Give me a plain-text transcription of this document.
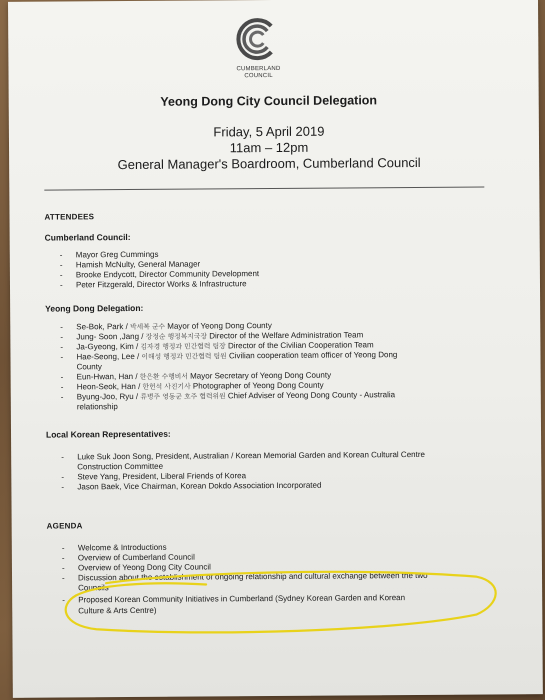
CUMBERLAND
COUNCIL
Yeong Dong City Council Delegation
Friday, 5 April 2019
11am – 12pm
General Manager's Boardroom, Cumberland Council
ATTENDEES
Cumberland Council:
- Mayor Greg Cummings
- Hamish McNulty, General Manager
- Brooke Endycott, Director Community Development
- Peter Fitzgerald, Director Works & Infrastructure
Yeong Dong Delegation:
- Se-Bok, Park / 박세복 군수 Mayor of Yeong Dong County
- Jung- Soon ,Jang / 장정순 행정복지국장 Director of the Welfare Administration Team
- Ja-Gyeong, Kim / 김자경 행정과 민간협력 팀장 Director of the Civilian Cooperation Team
- Hae-Seong, Lee / 이해성 행정과 민간협력 팀원 Civilian cooperation team officer of Yeong Dong
County
- Eun-Hwan, Han / 한은환 수행비서 Mayor Secretary of Yeong Dong County
- Heon-Seok, Han / 한헌석 사진기사 Photographer of Yeong Dong County
- Byung-Joo, Ryu / 류병주 영동군 호주 협력위원 Chief Adviser of Yeong Dong County - Australia
relationship
Local Korean Representatives:
- Luke Suk Joon Song, President, Australian / Korean Memorial Garden and Korean Cultural Centre
Construction Committee
- Steve Yang, President, Liberal Friends of Korea
- Jason Baek, Vice Chairman, Korean Dokdo Association Incorporated
AGENDA
- Welcome & Introductions
- Overview of Cumberland Council
- Overview of Yeong Dong City Council
- Discussion about the establishment of ongoing relationship and cultural exchange between the two
Councils
- Proposed Korean Community Initiatives in Cumberland (Sydney Korean Garden and Korean
Culture & Arts Centre)
